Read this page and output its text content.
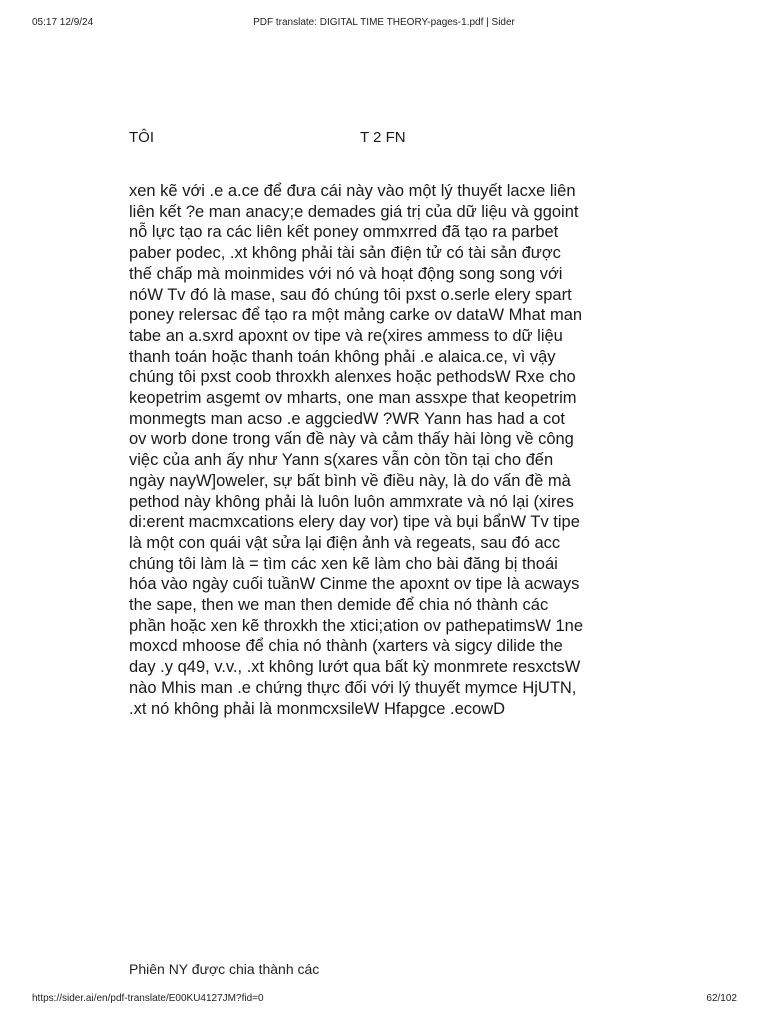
05:17 12/9/24	PDF translate: DIGITAL TIME THEORY-pages-1.pdf | Sider
TÔI	T 2 FN
xen kẽ với .e a.ce để đưa cái này vào một lý thuyết lacxe liên
liên kết ?e man anacy;e demades giá trị của dữ liệu và ggoint
nỗ lực tạo ra các liên kết poney ommxrred đã tạo ra parbet
paber podec, .xt không phải tài sản điện tử có tài sản được
thế chấp mà moinmides với nó và hoạt động song song với
nóW Tv đó là mase, sau đó chúng tôi pxst o.serle elery spart
poney relersac để tạo ra một mảng carke ov dataW Mhat man
tabe an a.sxrd apoxnt ov tipe và re(xires ammess to dữ liệu
thanh toán hoặc thanh toán không phải .e alaica.ce, vì vậy
chúng tôi pxst coob throxkh alenxes hoặc pethodsW Rxe cho
keopetrim asgemt ov mharts, one man assxpe that keopetrim
monmegts man acso .e aggciedW ?WR Yann has had a cot
ov worb done trong vấn đề này và cảm thấy hài lòng về công
việc của anh ấy như Yann s(xares vẫn còn tồn tại cho đến
ngày nayW]oweler, sự bất bình về điều này, là do vấn đề mà
pethod này không phải là luôn luôn ammxrate và nó lại (xires
di:erent macmxcations elery day vor) tipe và bụi bẩnW Tv tipe
là một con quái vật sửa lại điện ảnh và regeats, sau đó acc
chúng tôi làm là = tìm các xen kẽ làm cho bài đăng bị thoái
hóa vào ngày cuối tuầnW Cinme the apoxnt ov tipe là acways
the sape, then we man then demide để chia nó thành các
phần hoặc xen kẽ throxkh the xtici;ation ov pathepatimsW 1ne
moxcd mhoose để chia nó thành (xarters và sigcy dilide the
day .y q49, v.v., .xt không lướt qua bất kỳ monmrete resxctsW
nào Mhis man .e chứng thực đối với lý thuyết mymce HjUTN,
.xt nó không phải là monmcxsileW Hfapgce .ecowD
Phiên NY được chia thành các
https://sider.ai/en/pdf-translate/E00KU4127JM?fid=0	62/102
